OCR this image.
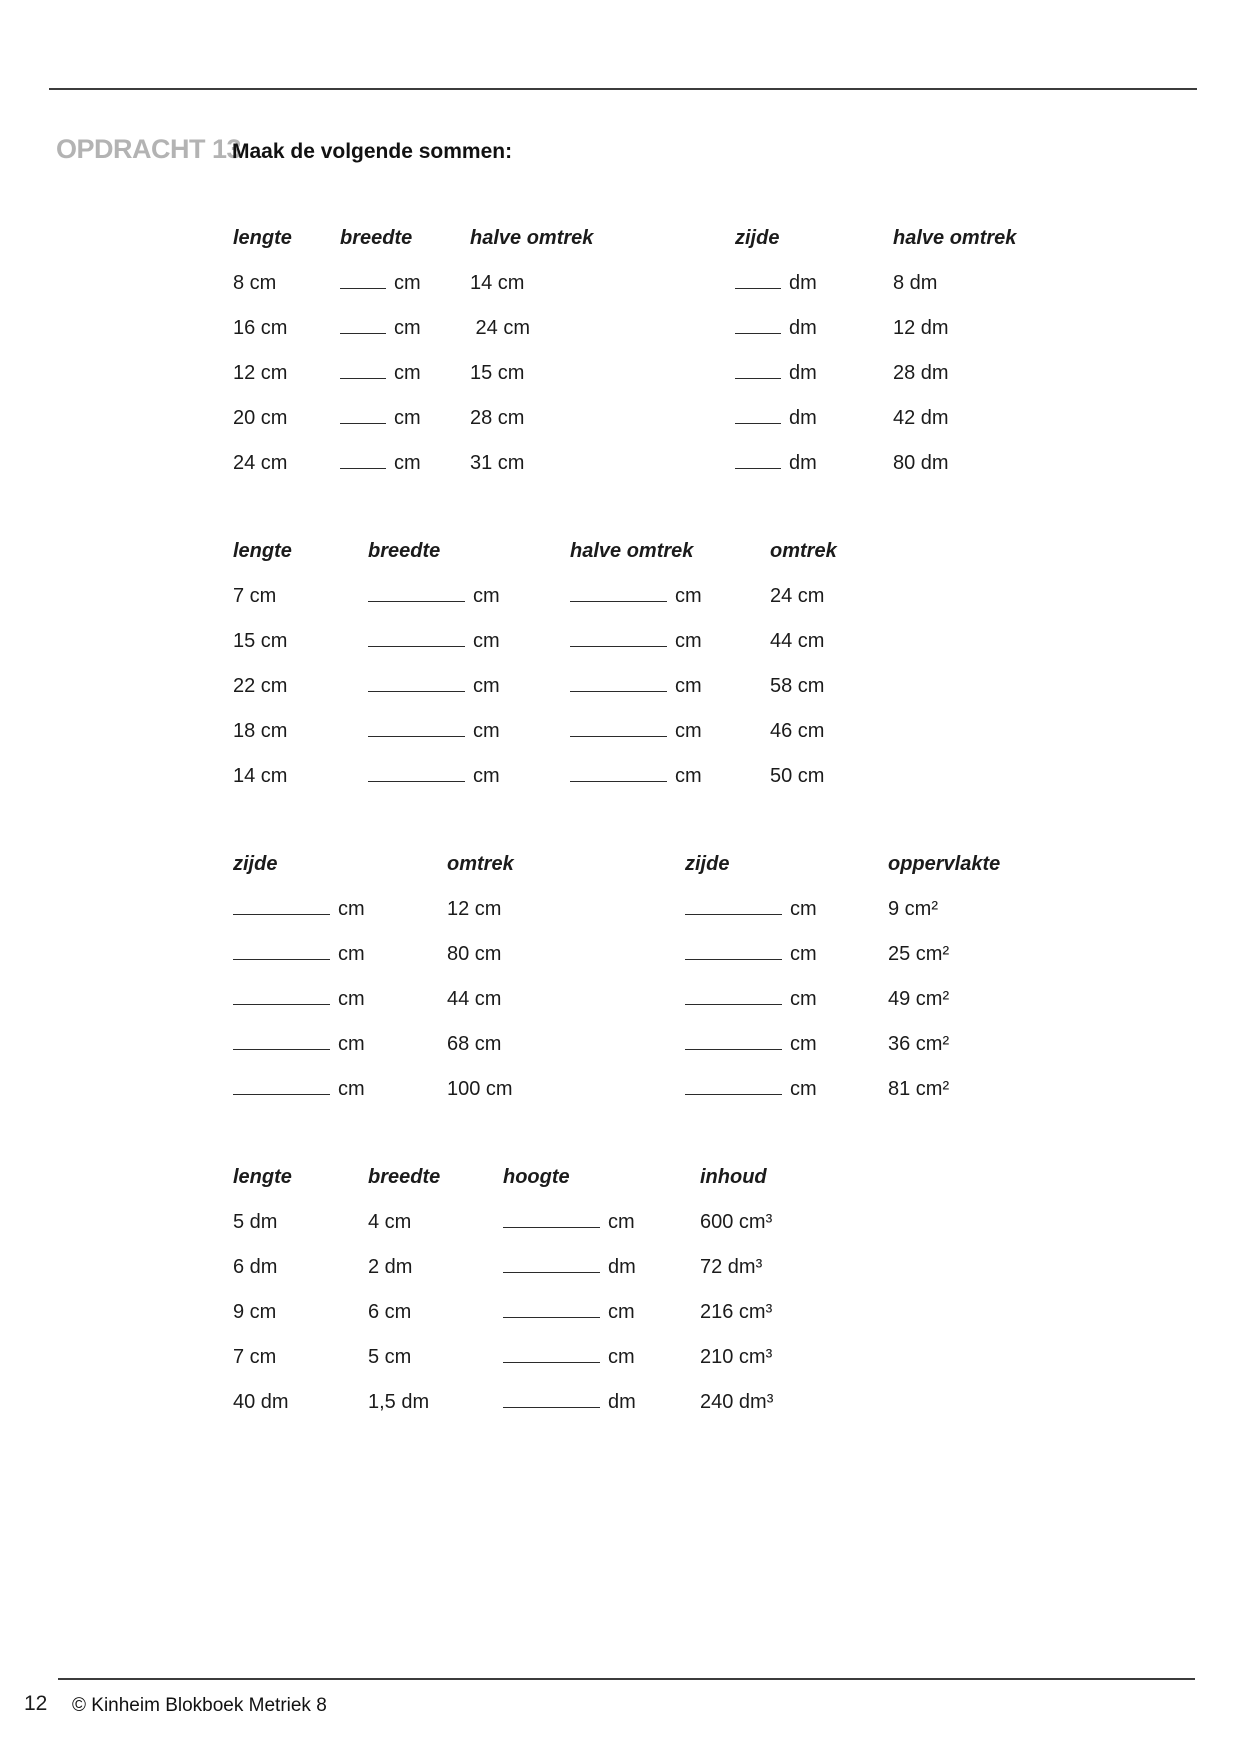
OPDRACHT 13
Maak de volgende sommen:
lengte	breedte	halve omtrek	zijde	halve omtrek
8 cm	cm	14 cm	dm	8 dm
16 cm	cm	24 cm	dm	12 dm
12 cm	cm	15 cm	dm	28 dm
20 cm	cm	28 cm	dm	42 dm
24 cm	cm	31 cm	dm	80 dm
lengte	breedte	halve omtrek	omtrek
7 cm	cm	cm	24 cm
15 cm	cm	cm	44 cm
22 cm	cm	cm	58 cm
18 cm	cm	cm	46 cm
14 cm	cm	cm	50 cm
zijde	omtrek	zijde	oppervlakte
cm	12 cm	cm	9 cm²
cm	80 cm	cm	25 cm²
cm	44 cm	cm	49 cm²
cm	68 cm	cm	36 cm²
cm	100 cm	cm	81 cm²
lengte	breedte	hoogte	inhoud
5 dm	4 cm	cm	600 cm³
6 dm	2 dm	dm	72 dm³
9 cm	6 cm	cm	216 cm³
7 cm	5 cm	cm	210 cm³
40 dm	1,5 dm	dm	240 dm³
12 © Kinheim Blokboek Metriek 8
